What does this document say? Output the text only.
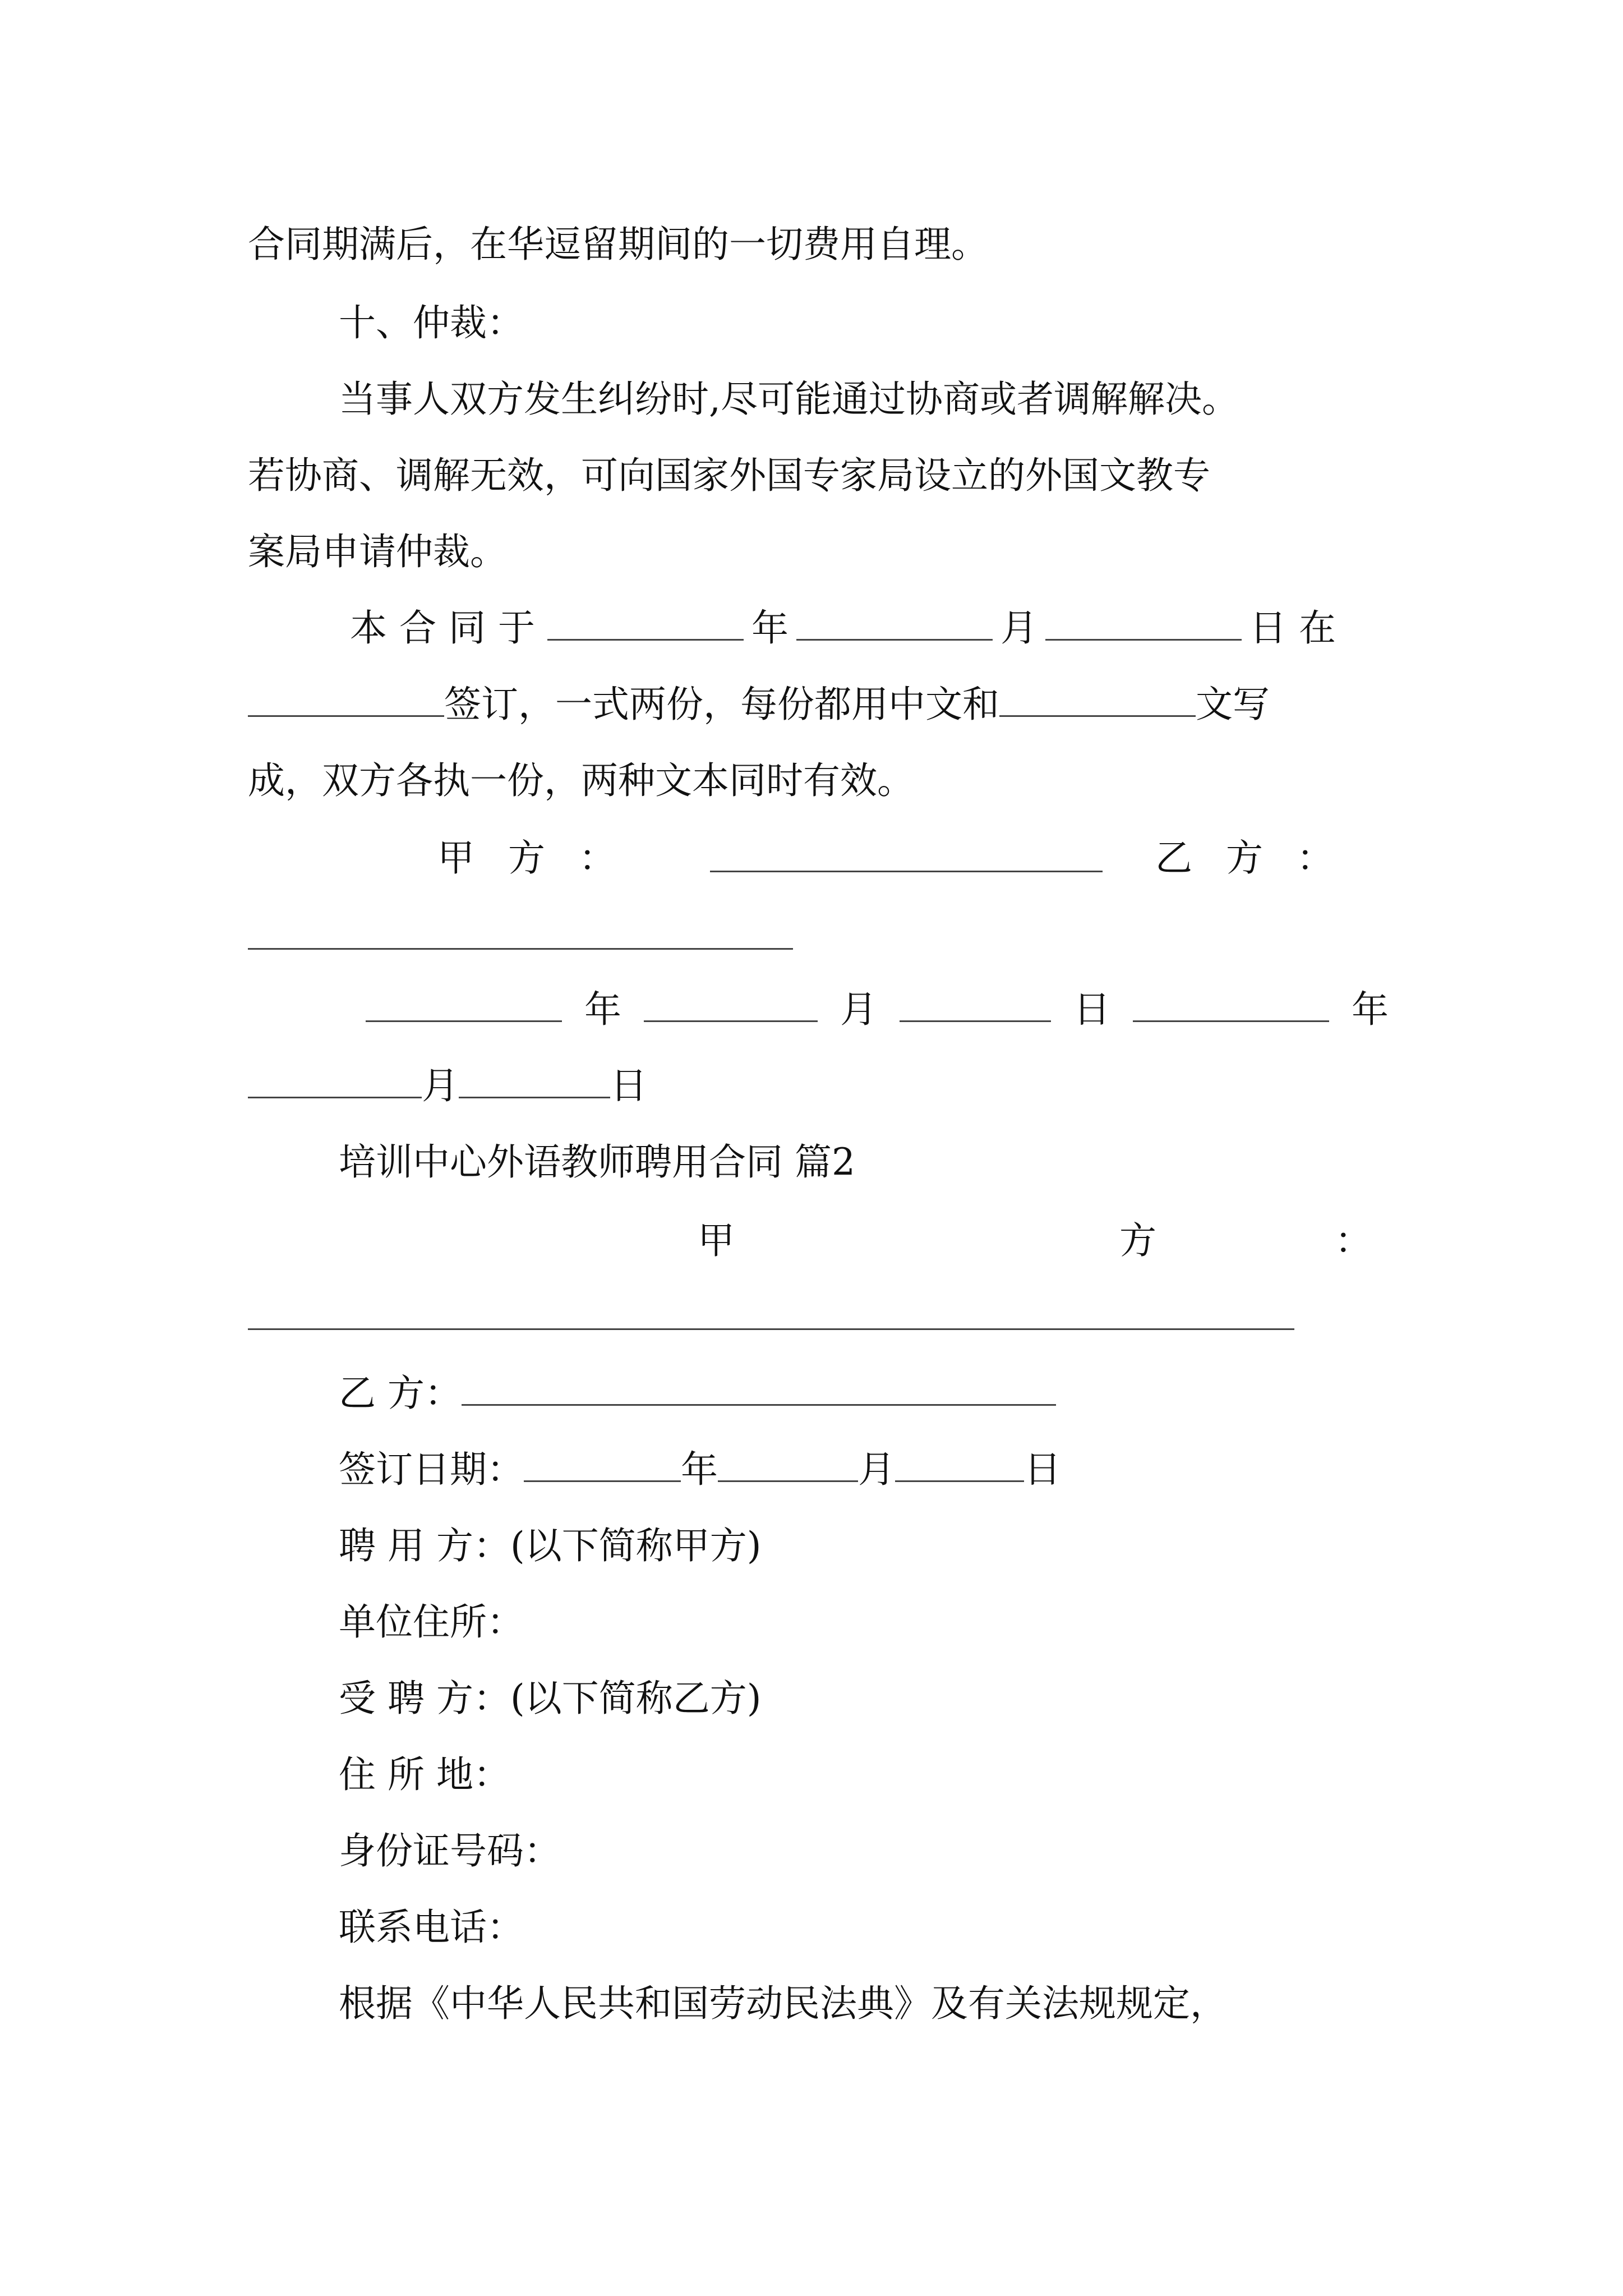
合同期满后，在华逗留期间的一切费用自理。
十、仲裁：
当事人双方发生纠纷时,尽可能通过协商或者调解解决。
若协商、调解无效，可向国家外国专家局设立的外国文教专
案局申请仲裁。
本合同于	年	月	日在
签订，一式两份，每份都用中文和	文写
成，双方各执一份，两种文本同时有效。
甲方：	乙方：
年	月	日	年
月	日
培训中心外语教师聘用合同 篇2
甲	方	：
乙 方：
签订日期：	年	月	日
聘 用 方：(以下简称甲方)
单位住所：
受 聘 方：(以下简称乙方)
住 所 地：
身份证号码：
联系电话：
根据《中华人民共和国劳动民法典》及有关法规规定，
